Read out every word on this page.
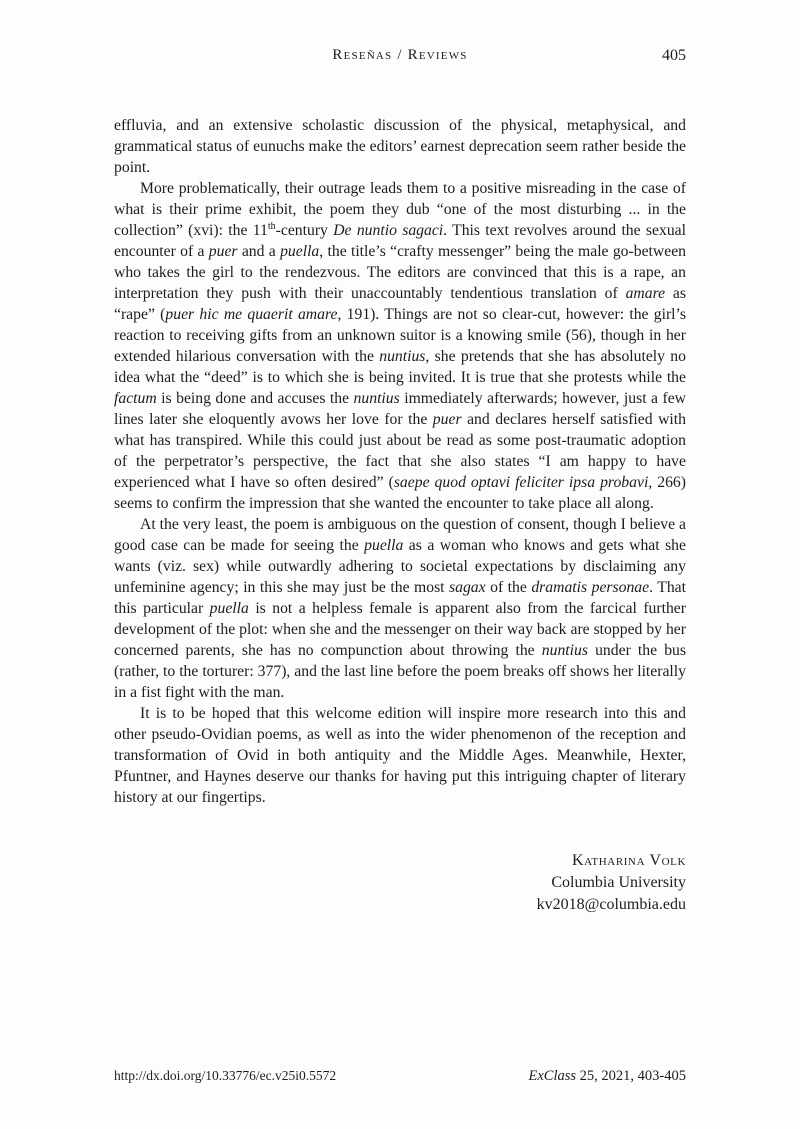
Reseñas / Reviews	405

effluvia, and an extensive scholastic discussion of the physical, metaphysical, and grammatical status of eunuchs make the editors’ earnest deprecation seem rather beside the point.

More problematically, their outrage leads them to a positive misreading in the case of what is their prime exhibit, the poem they dub “one of the most disturbing ... in the collection” (xvi): the 11th-century De nuntio sagaci. This text revolves around the sexual encounter of a puer and a puella, the title’s “crafty messenger” being the male go-between who takes the girl to the rendezvous. The editors are convinced that this is a rape, an interpretation they push with their unaccountably tendentious translation of amare as “rape” (puer hic me quaerit amare, 191). Things are not so clear-cut, however: the girl’s reaction to receiving gifts from an unknown suitor is a knowing smile (56), though in her extended hilarious conversation with the nuntius, she pretends that she has absolutely no idea what the “deed” is to which she is being invited. It is true that she protests while the factum is being done and accuses the nuntius immediately afterwards; however, just a few lines later she eloquently avows her love for the puer and declares herself satisfied with what has transpired. While this could just about be read as some post-traumatic adoption of the perpetrator’s perspective, the fact that she also states “I am happy to have experienced what I have so often desired” (saepe quod optavi feliciter ipsa probavi, 266) seems to confirm the impression that she wanted the encounter to take place all along.

At the very least, the poem is ambiguous on the question of consent, though I believe a good case can be made for seeing the puella as a woman who knows and gets what she wants (viz. sex) while outwardly adhering to societal expectations by disclaiming any unfeminine agency; in this she may just be the most sagax of the dramatis personae. That this particular puella is not a helpless female is apparent also from the farcical further development of the plot: when she and the messenger on their way back are stopped by her concerned parents, she has no compunction about throwing the nuntius under the bus (rather, to the torturer: 377), and the last line before the poem breaks off shows her literally in a fist fight with the man.

It is to be hoped that this welcome edition will inspire more research into this and other pseudo-Ovidian poems, as well as into the wider phenomenon of the reception and transformation of Ovid in both antiquity and the Middle Ages. Meanwhile, Hexter, Pfuntner, and Haynes deserve our thanks for having put this intriguing chapter of literary history at our fingertips.

Katharina Volk
Columbia University
kv2018@columbia.edu
http://dx.doi.org/10.33776/ec.v25i0.5572	ExClass 25, 2021, 403-405
